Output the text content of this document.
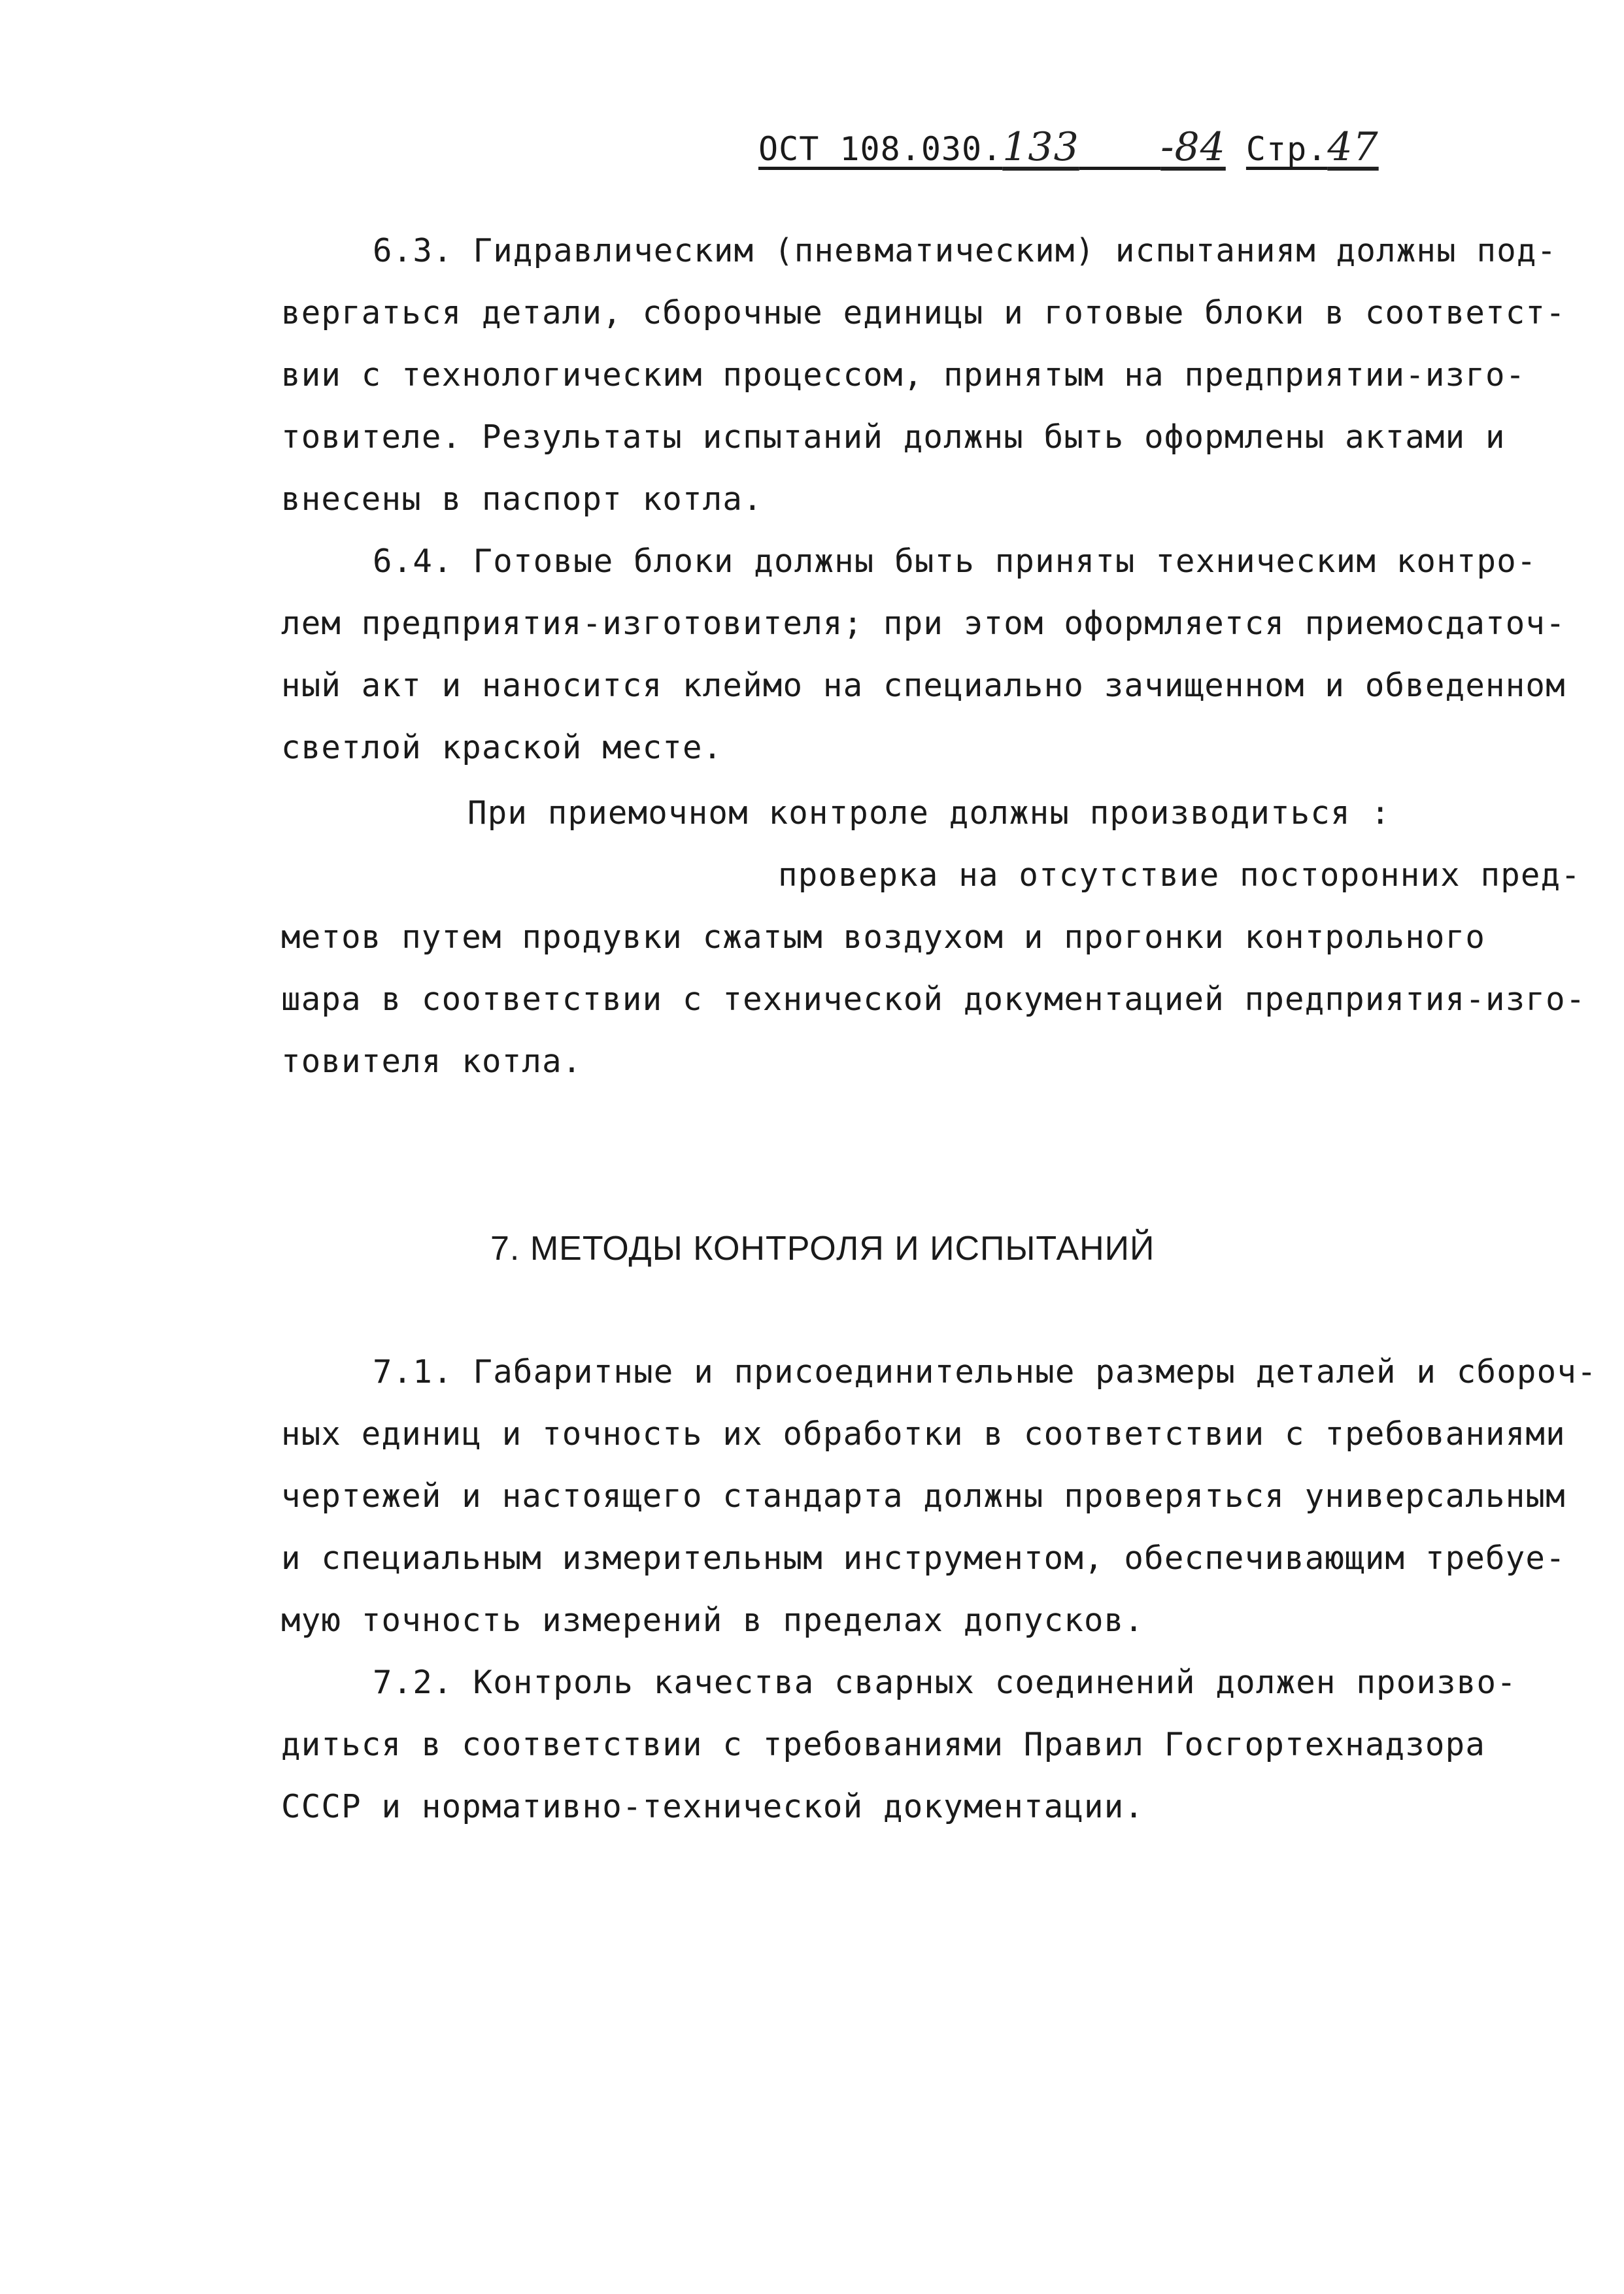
ОСТ 108.030.133 -84 Стр.47
6.3. Гидравлическим (пневматическим) испытаниям должны под-
вергаться детали, сборочные единицы и готовые блоки в соответст-
вии с технологическим процессом, принятым на предприятии-изго-
товителе. Результаты испытаний должны быть оформлены актами и
внесены в паспорт котла.
6.4. Готовые блоки должны быть приняты техническим контро-
лем предприятия-изготовителя; при этом оформляется приемосдаточ-
ный акт и наносится клеймо на специально зачищенном и обведенном
светлой краской месте.
При приемочном контроле должны производиться :
проверка на отсутствие посторонних пред-
метов путем продувки сжатым воздухом и прогонки контрольного
шара в соответствии с технической документацией предприятия-изго-
товителя котла.
7. МЕТОДЫ КОНТРОЛЯ И ИСПЫТАНИЙ
7.1. Габаритные и присоединительные размеры деталей и сбороч-
ных единиц и точность их обработки в соответствии с требованиями
чертежей и настоящего стандарта должны проверяться универсальным
и специальным измерительным инструментом, обеспечивающим требуе-
мую точность измерений в пределах допусков.
7.2. Контроль качества сварных соединений должен произво-
диться в соответствии с требованиями Правил Госгортехнадзора
СССР и нормативно-технической документации.
